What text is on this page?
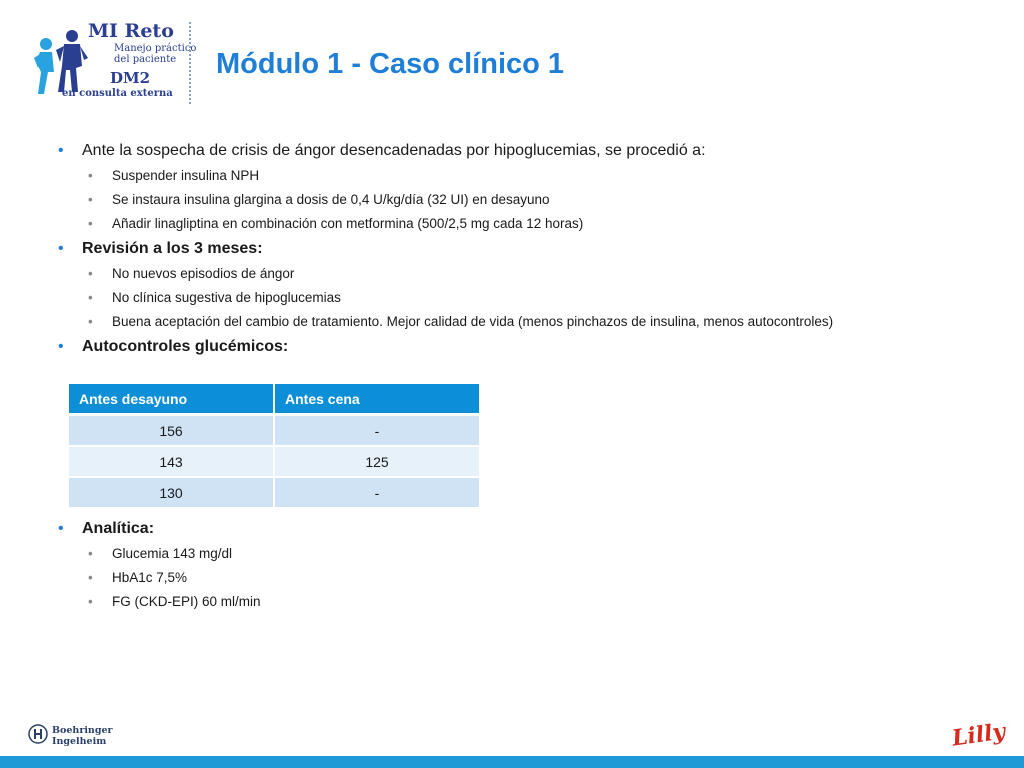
MI Reto
Manejo práctico
del paciente
DM2
en consulta externa
Módulo 1 - Caso clínico 1
• Ante la sospecha de crisis de ángor desencadenadas por hipoglucemias, se procedió a:
• Suspender insulina NPH
• Se instaura insulina glargina a dosis de 0,4 U/kg/día (32 UI) en desayuno
• Añadir linagliptina en combinación con metformina (500/2,5 mg cada 12 horas)
• Revisión a los 3 meses:
• No nuevos episodios de ángor
• No clínica sugestiva de hipoglucemias
• Buena aceptación del cambio de tratamiento. Mejor calidad de vida (menos pinchazos de insulina, menos autocontroles)
• Autocontroles glucémicos:
Antes desayuno	Antes cena
156	-
143	125
130	-
• Analítica:
• Glucemia 143 mg/dl
• HbA1c 7,5%
• FG (CKD-EPI) 60 ml/min
Boehringer
Ingelheim	Lilly
